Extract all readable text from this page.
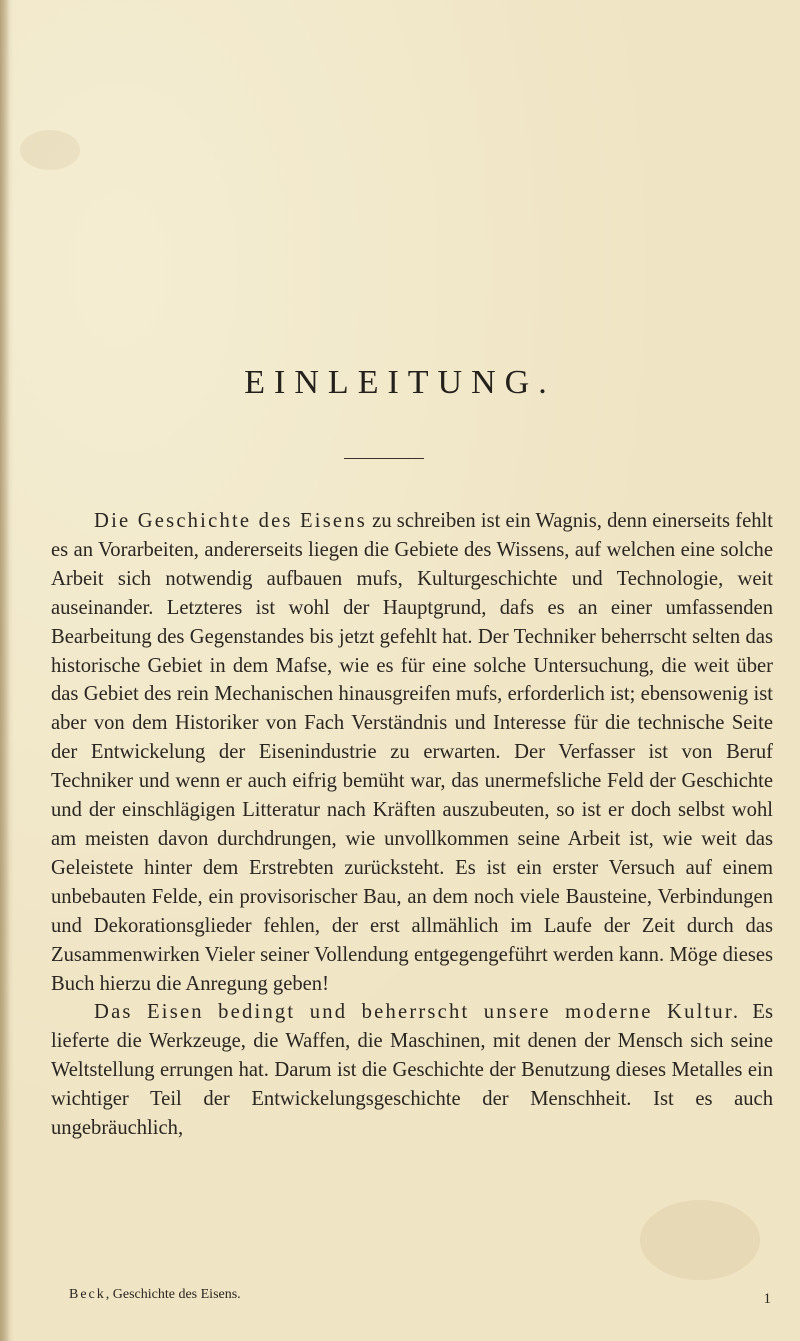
EINLEITUNG.

Die Geschichte des Eisens zu schreiben ist ein Wagnis, denn einerseits fehlt es an Vorarbeiten, andererseits liegen die Gebiete des Wissens, auf welchen eine solche Arbeit sich notwendig aufbauen mufs, Kulturgeschichte und Technologie, weit auseinander. Letzteres ist wohl der Hauptgrund, dafs es an einer umfassenden Bearbeitung des Gegenstandes bis jetzt gefehlt hat. Der Techniker beherrscht selten das historische Gebiet in dem Mafse, wie es für eine solche Untersuchung, die weit über das Gebiet des rein Mechanischen hinausgreifen mufs, erforderlich ist; ebensowenig ist aber von dem Historiker von Fach Verständnis und Interesse für die technische Seite der Entwickelung der Eisenindustrie zu erwarten. Der Verfasser ist von Beruf Techniker und wenn er auch eifrig bemüht war, das unermefsliche Feld der Geschichte und der einschlägigen Litteratur nach Kräften auszubeuten, so ist er doch selbst wohl am meisten davon durchdrungen, wie unvollkommen seine Arbeit ist, wie weit das Geleistete hinter dem Erstrebten zurücksteht. Es ist ein erster Versuch auf einem unbebauten Felde, ein provisorischer Bau, an dem noch viele Bausteine, Verbindungen und Dekorationsglieder fehlen, der erst allmählich im Laufe der Zeit durch das Zusammenwirken Vieler seiner Vollendung entgegengeführt werden kann. Möge dieses Buch hierzu die Anregung geben!

Das Eisen bedingt und beherrscht unsere moderne Kultur. Es lieferte die Werkzeuge, die Waffen, die Maschinen, mit denen der Mensch sich seine Weltstellung errungen hat. Darum ist die Geschichte der Benutzung dieses Metalles ein wichtiger Teil der Entwickelungsgeschichte der Menschheit. Ist es auch ungebräuchlich,

Beck, Geschichte des Eisens.	1
